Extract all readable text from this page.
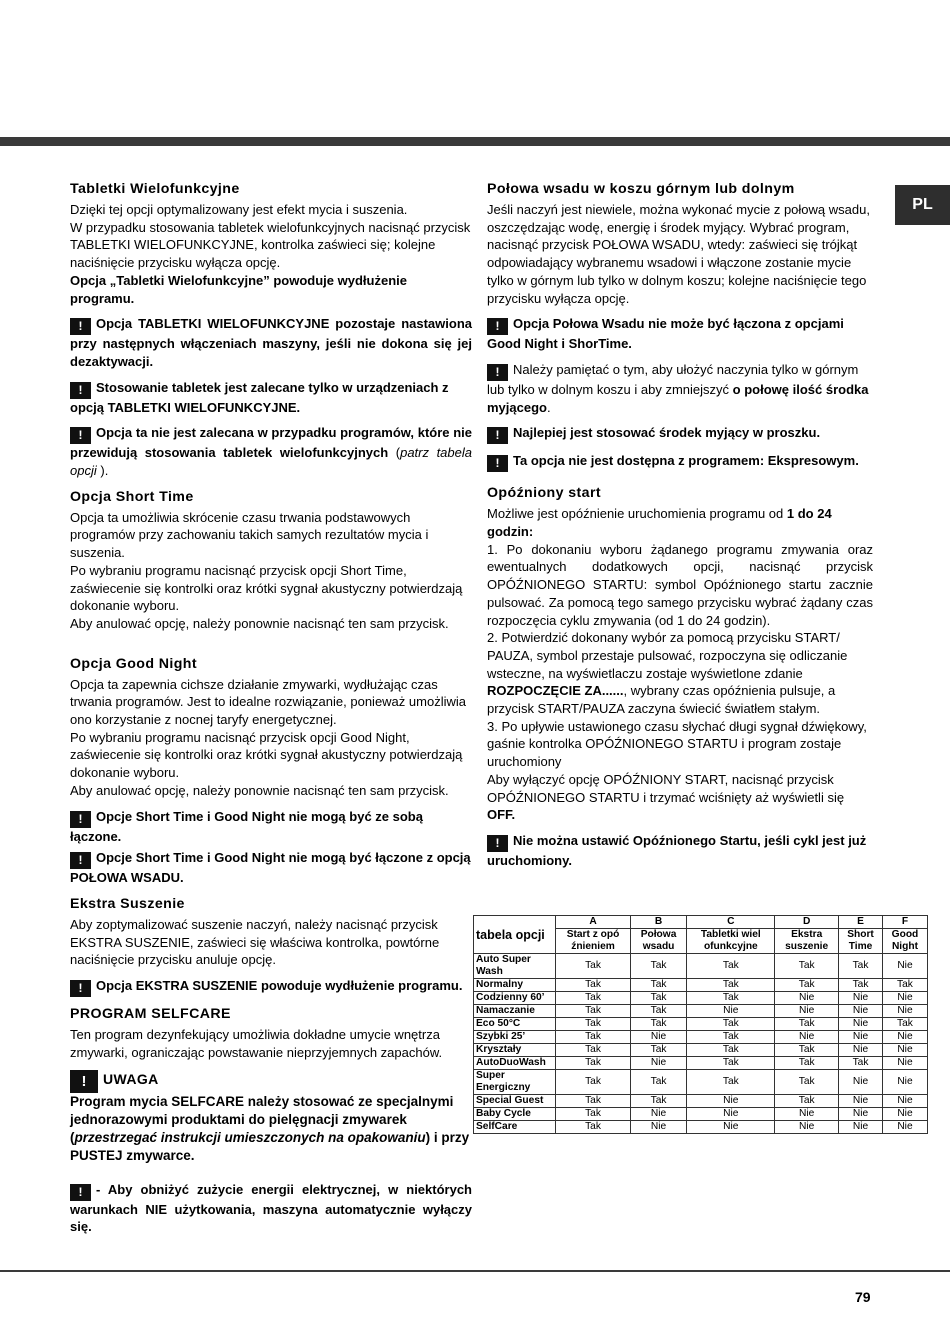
PL
Tabletki Wielofunkcyjne

Dzięki tej opcji optymalizowany jest efekt mycia i suszenia.

W przypadku stosowania tabletek wielofunkcyjnych nacisnąć przycisk TABLETKI WIELOFUNKCYJNE, kontrolka zaświeci się; kolejne naciśnięcie przycisku wyłącza opcję.

Opcja „Tabletki Wielofunkcyjne” powoduje wydłużenie programu.

! Opcja TABLETKI WIELOFUNKCYJNE pozostaje nastawiona przy następnych włączeniach maszyny, jeśli nie dokona się jej dezaktywacji.

! Stosowanie tabletek jest zalecane tylko w urządzeniach z opcją TABLETKI WIELOFUNKCYJNE.

! Opcja ta nie jest zalecana w przypadku programów, które nie przewidują stosowania tabletek wielofunkcyjnych (patrz tabela opcji ).

Opcja Short Time

Opcja ta umożliwia skrócenie czasu trwania podstawowych programów przy zachowaniu takich samych rezultatów mycia i suszenia.

Po wybraniu programu nacisnąć przycisk opcji Short Time, zaświecenie się kontrolki oraz krótki sygnał akustyczny potwierdzają dokonanie wyboru.

Aby anulować opcję, należy ponownie nacisnąć ten sam przycisk.

Opcja Good Night

Opcja ta zapewnia cichsze działanie zmywarki, wydłużając czas trwania programów. Jest to idealne rozwiązanie, ponieważ umożliwia ono korzystanie z nocnej taryfy energetycznej.

Po wybraniu programu nacisnąć przycisk opcji Good Night, zaświecenie się kontrolki oraz krótki sygnał akustyczny potwierdzają dokonanie wyboru.

Aby anulować opcję, należy ponownie nacisnąć ten sam przycisk.

! Opcje Short Time i Good Night nie mogą być ze sobą łączone.

! Opcje Short Time i Good Night nie mogą być łączone z opcją POŁOWA WSADU.

Ekstra Suszenie

Aby zoptymalizować suszenie naczyń, należy nacisnąć przycisk EKSTRA SUSZENIE, zaświeci się właściwa kontrolka, powtórne naciśnięcie przycisku anuluje opcję.

! Opcja EKSTRA SUSZENIE powoduje wydłużenie programu.

PROGRAM SELFCARE

Ten program dezynfekujący umożliwia dokładne umycie wnętrza zmywarki, ograniczając powstawanie nieprzyjemnych zapachów.

! UWAGA

Program mycia SELFCARE należy stosować ze specjalnymi jednorazowymi produktami do pielęgnacji zmywarek (przestrzegać instrukcji umieszczonych na opakowaniu) i przy PUSTEJ zmywarce.

! - Aby obniżyć zużycie energii elektrycznej, w niektórych warunkach NIE użytkowania, maszyna automatycznie wyłączy się.

Połowa wsadu w koszu górnym lub dolnym

Jeśli naczyń jest niewiele, można wykonać mycie z połową wsadu, oszczędzając wodę, energię i środek myjący. Wybrać program, nacisnąć przycisk POŁOWA WSADU, wtedy: zaświeci się trójkąt odpowiadający wybranemu wsadowi i włączone zostanie mycie tylko w górnym lub tylko w dolnym koszu; kolejne naciśnięcie tego przycisku wyłącza opcję.

! Opcja Połowa Wsadu nie może być łączona z opcjami Good Night i ShorTime.

! Należy pamiętać o tym, aby ułożyć naczynia tylko w górnym lub tylko w dolnym koszu i aby zmniejszyć o połowę ilość środka myjącego.

! Najlepiej jest stosować środek myjący w proszku.

! Ta opcja nie jest dostępna z programem: Ekspresowym.

Opóźniony start

Możliwe jest opóźnienie uruchomienia programu od 1 do 24 godzin:

1. Po dokonaniu wyboru żądanego programu zmywania oraz ewentualnych dodatkowych opcji, nacisnąć przycisk OPÓŹNIONEGO STARTU: symbol Opóźnionego startu zacznie pulsować. Za pomocą tego samego przycisku wybrać żądany czas rozpoczęcia cyklu zmywania (od 1 do 24 godzin).

2. Potwierdzić dokonany wybór za pomocą przycisku START/ PAUZA, symbol przestaje pulsować, rozpoczyna się odliczanie wsteczne, na wyświetlaczu zostaje wyświetlone zdanie ROZPOCZĘCIE ZA......, wybrany czas opóźnienia pulsuje, a przycisk START/PAUZA zaczyna świecić światłem stałym.

3. Po upływie ustawionego czasu słychać długi sygnał dźwiękowy, gaśnie kontrolka OPÓŹNIONEGO STARTU i program zostaje uruchomiony

Aby wyłączyć opcję OPÓŹNIONY START, nacisnąć przycisk OPÓŹNIONEGO STARTU i trzymać wciśnięty aż wyświetli się OFF.

! Nie można ustawić Opóźnionego Startu, jeśli cykl jest już uruchomiony.

tabela opcji	A	B	C	D	E	F
	Start z opó źnieniem	Połowa wsadu	Tabletki wiel ofunkcyjne	Ekstra suszenie	Short Time	Good Night
Auto Super Wash	Tak	Tak	Tak	Tak	Tak	Nie
Normalny	Tak	Tak	Tak	Tak	Tak	Tak
Codzienny 60’	Tak	Tak	Tak	Nie	Nie	Nie
Namaczanie	Tak	Tak	Nie	Nie	Nie	Nie
Eco 50°C	Tak	Tak	Tak	Tak	Nie	Tak
Szybki 25’	Tak	Nie	Tak	Nie	Nie	Nie
Kryształy	Tak	Tak	Tak	Tak	Nie	Nie
AutoDuoWash	Tak	Nie	Tak	Tak	Tak	Nie
Super Energiczny	Tak	Tak	Tak	Tak	Nie	Nie
Special Guest	Tak	Tak	Nie	Tak	Nie	Nie
Baby Cycle	Tak	Nie	Nie	Nie	Nie	Nie
SelfCare	Tak	Nie	Nie	Nie	Nie	Nie
79
